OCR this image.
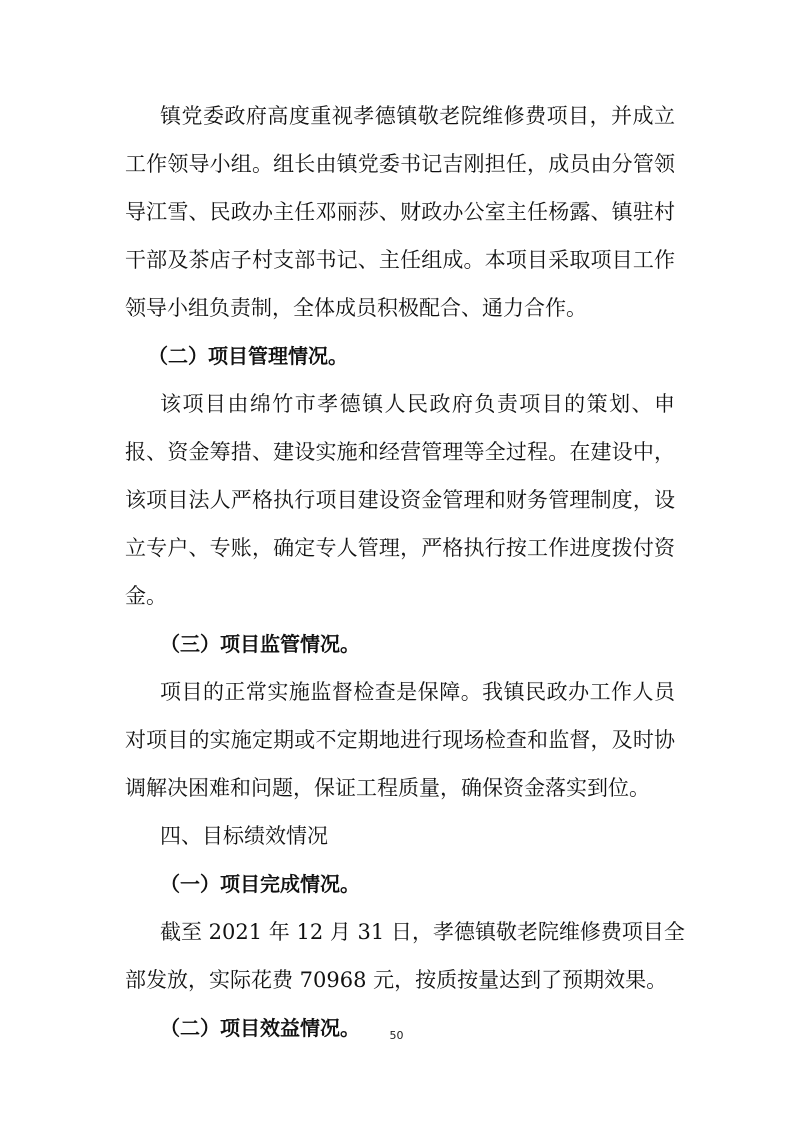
镇党委政府高度重视孝德镇敬老院维修费项目，并成立
工作领导小组。组长由镇党委书记吉刚担任，成员由分管领
导江雪、民政办主任邓丽莎、财政办公室主任杨露、镇驻村
干部及茶店子村支部书记、主任组成。本项目采取项目工作
领导小组负责制，全体成员积极配合、通力合作。
（二）项目管理情况。
该项目由绵竹市孝德镇人民政府负责项目的策划、申
报、资金筹措、建设实施和经营管理等全过程。在建设中，
该项目法人严格执行项目建设资金管理和财务管理制度，设
立专户、专账，确定专人管理，严格执行按工作进度拨付资
金。
（三）项目监管情况。
项目的正常实施监督检查是保障。我镇民政办工作人员
对项目的实施定期或不定期地进行现场检查和监督，及时协
调解决困难和问题，保证工程质量，确保资金落实到位。
四、目标绩效情况
（一）项目完成情况。
截至 2021 年 12 月 31 日，孝德镇敬老院维修费项目全
部发放，实际花费 70968 元，按质按量达到了预期效果。
（二）项目效益情况。	50
